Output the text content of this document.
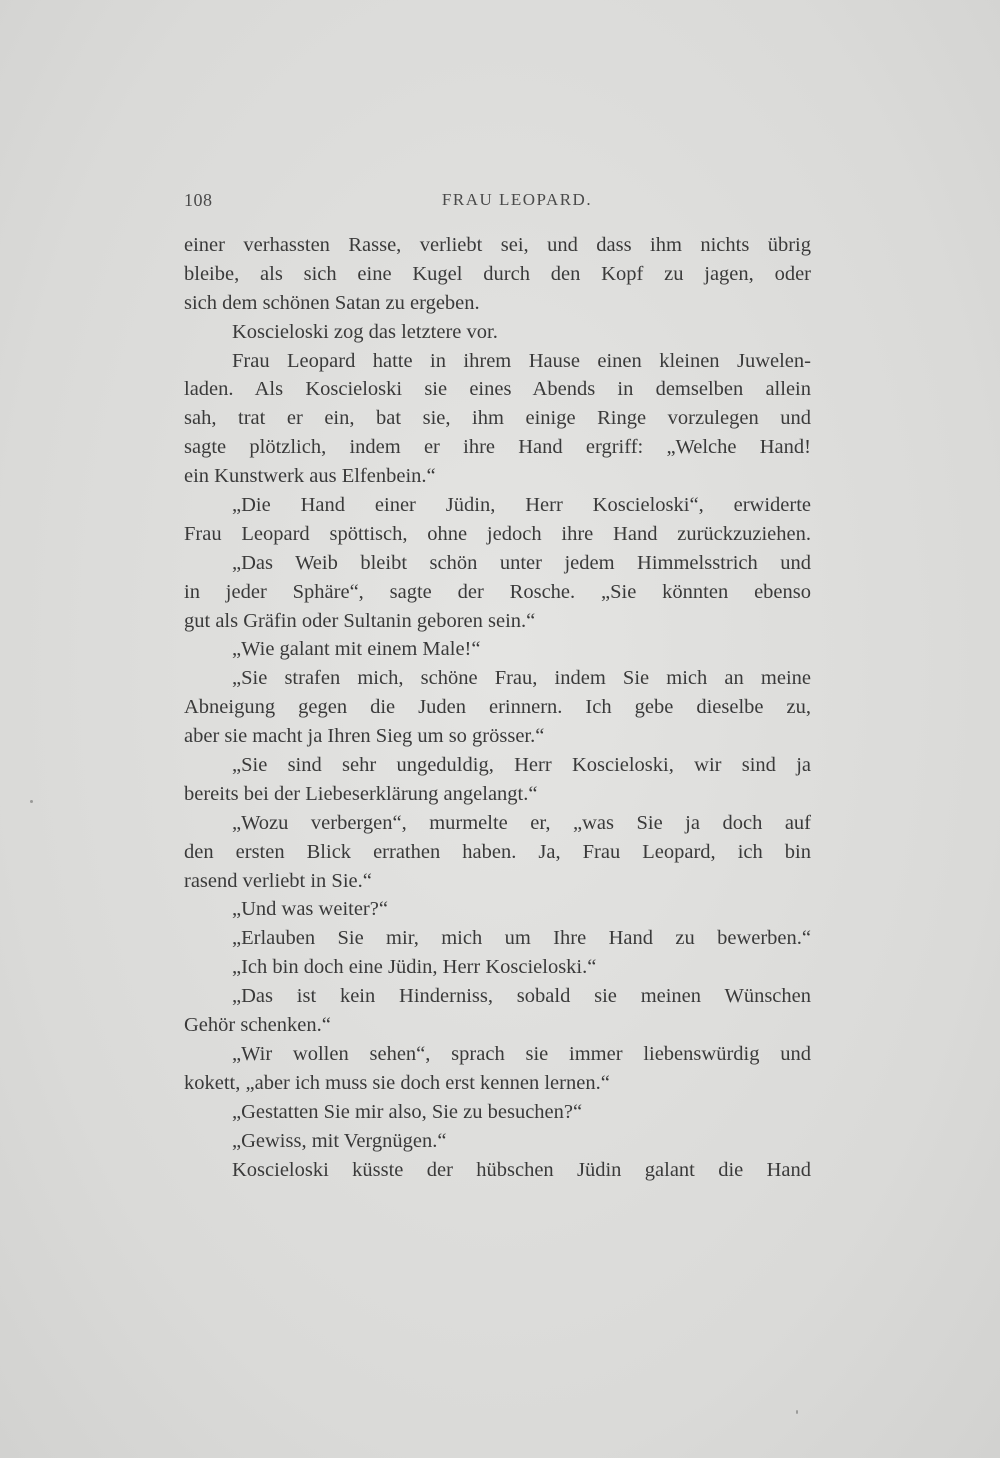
108	FRAU LEOPARD.
einer verhassten Rasse, verliebt sei, und dass ihm nichts übrig
bleibe, als sich eine Kugel durch den Kopf zu jagen, oder
sich dem schönen Satan zu ergeben.
Koscieloski zog das letztere vor.
Frau Leopard hatte in ihrem Hause einen kleinen Juwelen-
laden. Als Koscieloski sie eines Abends in demselben allein
sah, trat er ein, bat sie, ihm einige Ringe vorzulegen und
sagte plötzlich, indem er ihre Hand ergriff: „Welche Hand!
ein Kunstwerk aus Elfenbein.“
„Die Hand einer Jüdin, Herr Koscieloski“, erwiderte
Frau Leopard spöttisch, ohne jedoch ihre Hand zurückzuziehen.
„Das Weib bleibt schön unter jedem Himmelsstrich und
in jeder Sphäre“, sagte der Rosche. „Sie könnten ebenso
gut als Gräfin oder Sultanin geboren sein.“
„Wie galant mit einem Male!“
„Sie strafen mich, schöne Frau, indem Sie mich an meine
Abneigung gegen die Juden erinnern. Ich gebe dieselbe zu,
aber sie macht ja Ihren Sieg um so grösser.“
„Sie sind sehr ungeduldig, Herr Koscieloski, wir sind ja
bereits bei der Liebeserklärung angelangt.“
„Wozu verbergen“, murmelte er, „was Sie ja doch auf
den ersten Blick errathen haben. Ja, Frau Leopard, ich bin
rasend verliebt in Sie.“
„Und was weiter?“
„Erlauben Sie mir, mich um Ihre Hand zu bewerben.“
„Ich bin doch eine Jüdin, Herr Koscieloski.“
„Das ist kein Hinderniss, sobald sie meinen Wünschen
Gehör schenken.“
„Wir wollen sehen“, sprach sie immer liebenswürdig und
kokett, „aber ich muss sie doch erst kennen lernen.“
„Gestatten Sie mir also, Sie zu besuchen?“
„Gewiss, mit Vergnügen.“
Koscieloski küsste der hübschen Jüdin galant die Hand
